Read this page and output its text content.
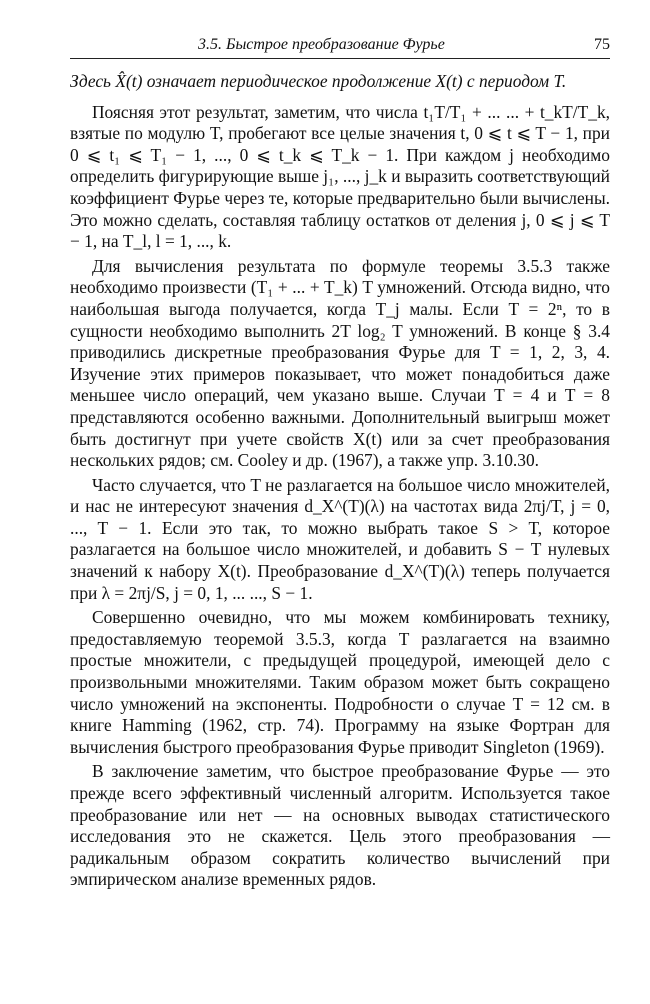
3.5. Быстрое преобразование Фурье	75

Здесь X̂(t) означает периодическое продолжение X(t) с периодом T.

Поясняя этот результат, заметим, что числа t₁T/T₁ + ... ... + t_kT/T_k, взятые по модулю T, пробегают все целые значения t, 0 ⩽ t ⩽ T − 1, при 0 ⩽ t₁ ⩽ T₁ − 1, ..., 0 ⩽ t_k ⩽ T_k − 1. При каждом j необходимо определить фигурирующие выше j₁, ..., j_k и выразить соответствующий коэффициент Фурье через те, которые предварительно были вычислены. Это можно сделать, составляя таблицу остатков от деления j, 0 ⩽ j ⩽ T − 1, на T_l, l = 1, ..., k.

Для вычисления результата по формуле теоремы 3.5.3 также необходимо произвести (T₁ + ... + T_k) T умножений. Отсюда видно, что наибольшая выгода получается, когда T_j малы. Если T = 2ⁿ, то в сущности необходимо выполнить 2T log₂ T умножений. В конце § 3.4 приводились дискретные преобразования Фурье для T = 1, 2, 3, 4. Изучение этих примеров показывает, что может понадобиться даже меньшее число операций, чем указано выше. Случаи T = 4 и T = 8 представляются особенно важными. Дополнительный выигрыш может быть достигнут при учете свойств X(t) или за счет преобразования нескольких рядов; см. Cooley и др. (1967), а также упр. 3.10.30.

Часто случается, что T не разлагается на большое число множителей, и нас не интересуют значения d_X^(T)(λ) на частотах вида 2πj/T, j = 0, ..., T − 1. Если это так, то можно выбрать такое S > T, которое разлагается на большое число множителей, и добавить S − T нулевых значений к набору X(t). Преобразование d_X^(T)(λ) теперь получается при λ = 2πj/S, j = 0, 1, ... ..., S − 1.

Совершенно очевидно, что мы можем комбинировать технику, предоставляемую теоремой 3.5.3, когда T разлагается на взаимно простые множители, с предыдущей процедурой, имеющей дело с произвольными множителями. Таким образом может быть сокращено число умножений на экспоненты. Подробности о случае T = 12 см. в книге Hamming (1962, стр. 74). Программу на языке Фортран для вычисления быстрого преобразования Фурье приводит Singleton (1969).

В заключение заметим, что быстрое преобразование Фурье — это прежде всего эффективный численный алгоритм. Используется такое преобразование или нет — на основных выводах статистического исследования это не скажется. Цель этого преобразования — радикальным образом сократить количество вычислений при эмпирическом анализе временных рядов.
